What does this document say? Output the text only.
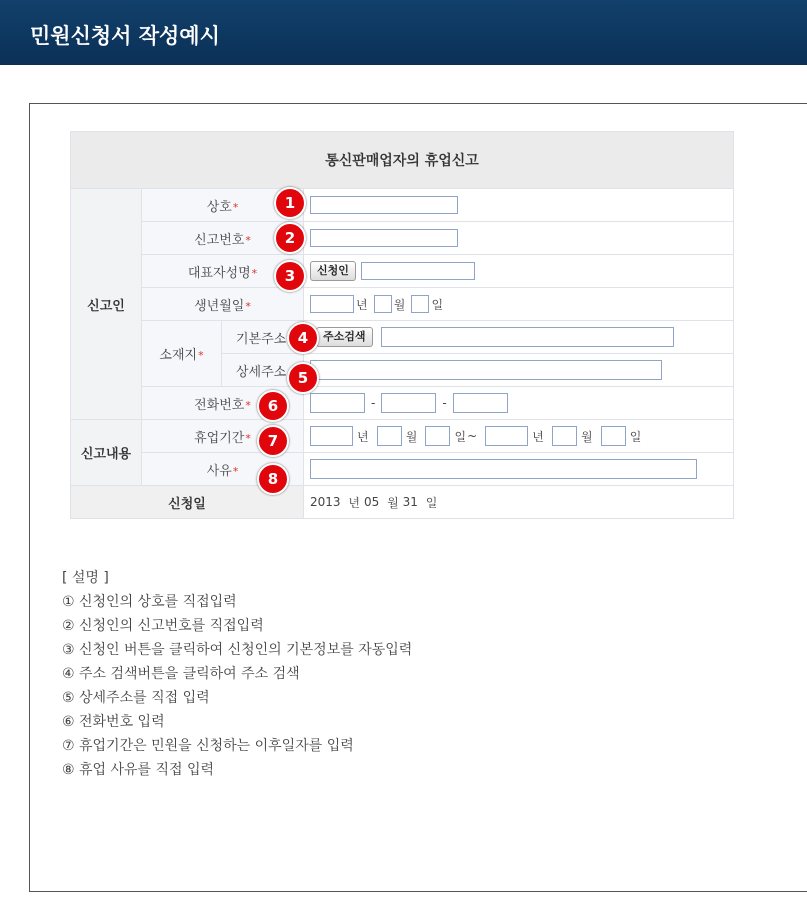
민원신청서 작성예시
통신판매업자의 휴업신고			
신고인	상호*		
	신고번호*		
	대표자성명*		신청인
	생년월일*		년 월 일
	소재지*	기본주소	주소검색
		상세주소	
	전화번호*		- -
신고내용	휴업기간*		년 월 일~ 년 월 일
	사유*		
신청일			2013 년 05 월 31 일
1
2
3
4
5
6
7
8
[ 설명 ]
① 신청인의 상호를 직접입력
② 신청인의 신고번호를 직접입력
③ 신청인 버튼을 클릭하여 신청인의 기본정보를 자동입력
④ 주소 검색버튼을 클릭하여 주소 검색
⑤ 상세주소를 직접 입력
⑥ 전화번호 입력
⑦ 휴업기간은 민원을 신청하는 이후일자를 입력
⑧ 휴업 사유를 직접 입력
